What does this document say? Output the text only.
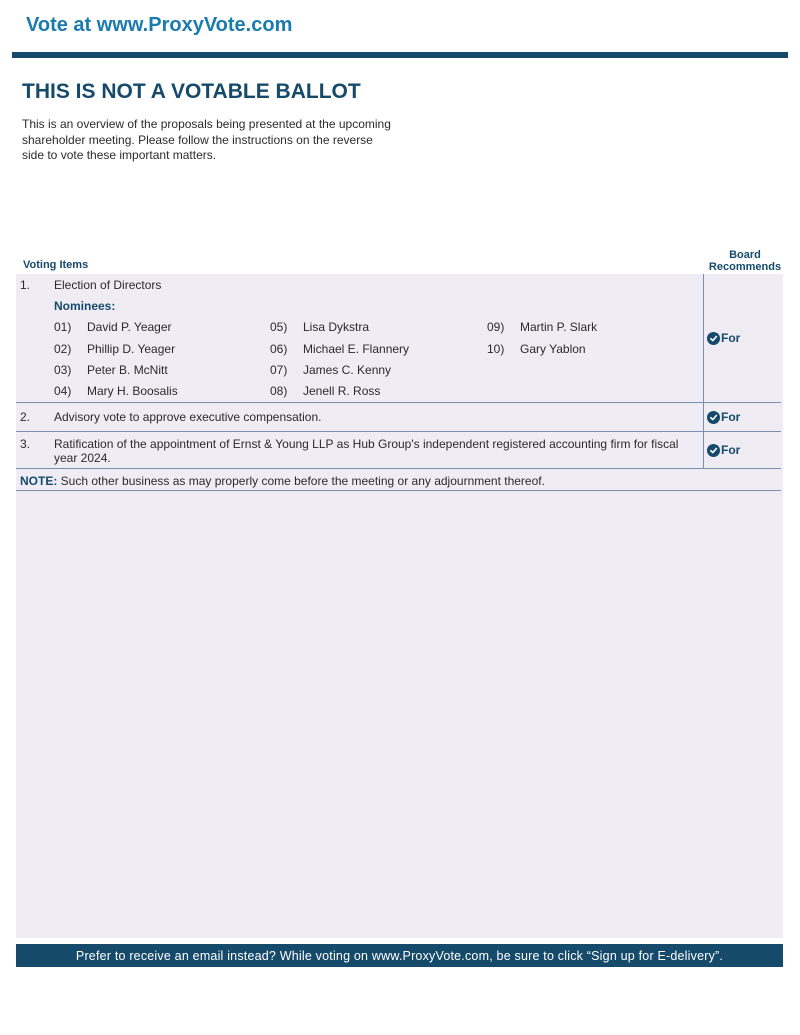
Vote at www.ProxyVote.com
THIS IS NOT A VOTABLE BALLOT
This is an overview of the proposals being presented at the upcoming shareholder meeting. Please follow the instructions on the reverse side to vote these important matters.
Voting Items
Board Recommends
1. Election of Directors
Nominees:
01) David P. Yeager
02) Phillip D. Yeager
03) Peter B. McNitt
04) Mary H. Boosalis
05) Lisa Dykstra
06) Michael E. Flannery
07) James C. Kenny
08) Jenell R. Ross
09) Martin P. Slark
10) Gary Yablon
For
2. Advisory vote to approve executive compensation.	For
3. Ratification of the appointment of Ernst & Young LLP as Hub Group's independent registered accounting firm for fiscal year 2024.
For
NOTE: Such other business as may properly come before the meeting or any adjournment thereof.
Prefer to receive an email instead? While voting on www.ProxyVote.com, be sure to click “Sign up for E-delivery”.
